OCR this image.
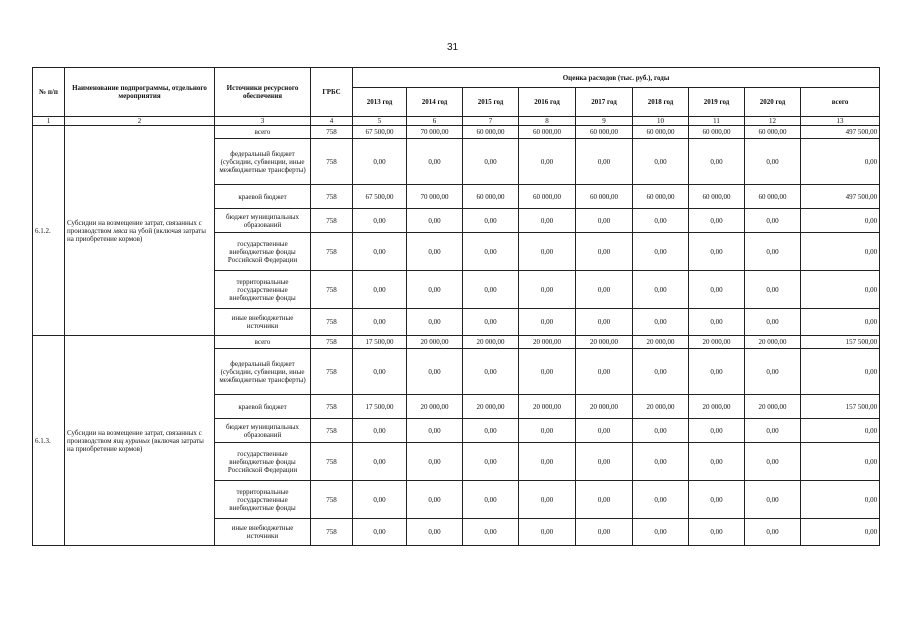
31
№ п/п	Наименование подпрограммы, отдельного мероприятия	Источники ресурсного обеспечения	ГРБС	Оценка расходов (тыс. руб.), годы								
				2013 год	2014 год	2015 год	2016 год	2017 год	2018 год	2019 год	2020 год	всего
1	2	3	4	5	6	7	8	9	10	11	12	13
6.1.2.	Субсидии на возмещение затрат, связанных с производством мяса на убой (включая затраты на приобретение кормов)	всего	758	67 500,00	70 000,00	60 000,00	60 000,00	60 000,00	60 000,00	60 000,00	60 000,00	497 500,00
		федеральный бюджет (субсидии, субвенции, иные межбюджетные трансферты)	758	0,00	0,00	0,00	0,00	0,00	0,00	0,00	0,00	0,00
		краевой бюджет	758	67 500,00	70 000,00	60 000,00	60 000,00	60 000,00	60 000,00	60 000,00	60 000,00	497 500,00
		бюджет муниципальных образований	758	0,00	0,00	0,00	0,00	0,00	0,00	0,00	0,00	0,00
		государственные внебюджетные фонды Российской Федерации	758	0,00	0,00	0,00	0,00	0,00	0,00	0,00	0,00	0,00
		территориальные государственные внебюджетные фонды	758	0,00	0,00	0,00	0,00	0,00	0,00	0,00	0,00	0,00
		иные внебюджетные источники	758	0,00	0,00	0,00	0,00	0,00	0,00	0,00	0,00	0,00
6.1.3.	Субсидии на возмещение затрат, связанных с производством яиц куриных (включая затраты на приобретение кормов)	всего	758	17 500,00	20 000,00	20 000,00	20 000,00	20 000,00	20 000,00	20 000,00	20 000,00	157 500,00
		федеральный бюджет (субсидии, субвенции, иные межбюджетные трансферты)	758	0,00	0,00	0,00	0,00	0,00	0,00	0,00	0,00	0,00
		краевой бюджет	758	17 500,00	20 000,00	20 000,00	20 000,00	20 000,00	20 000,00	20 000,00	20 000,00	157 500,00
		бюджет муниципальных образований	758	0,00	0,00	0,00	0,00	0,00	0,00	0,00	0,00	0,00
		государственные внебюджетные фонды Российской Федерации	758	0,00	0,00	0,00	0,00	0,00	0,00	0,00	0,00	0,00
		территориальные государственные внебюджетные фонды	758	0,00	0,00	0,00	0,00	0,00	0,00	0,00	0,00	0,00
		иные внебюджетные источники	758	0,00	0,00	0,00	0,00	0,00	0,00	0,00	0,00	0,00
